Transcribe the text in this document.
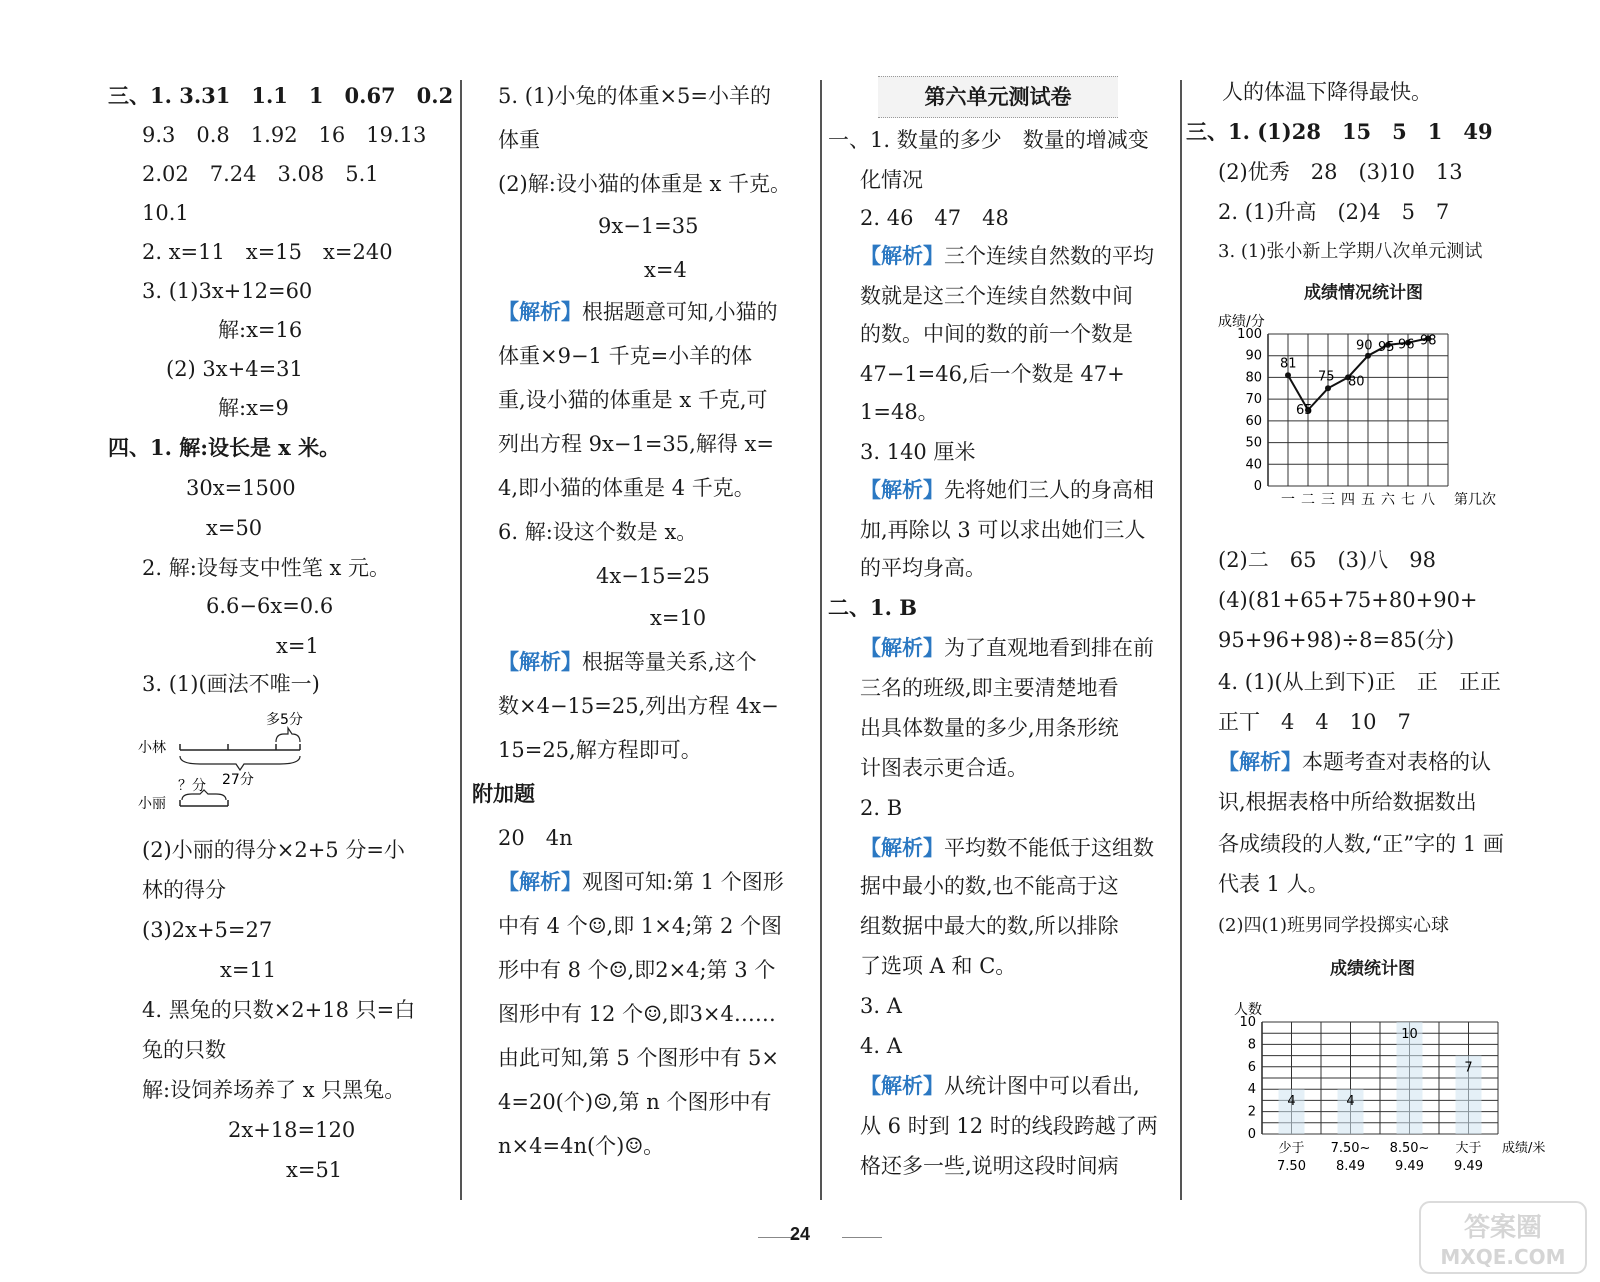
三、1. 3.31　1.1　1　0.67　0.2
9.3　0.8　1.92　16　19.13
2.02　7.24　3.08　5.1
10.1
2. x=11　x=15　x=240
3. (1)3x+12=60
解:x=16
(2) 3x+4=31
解:x=9
四、1. 解:设长是 x 米。
30x=1500
x=50
2. 解:设每支中性笔 x 元。
6.6−6x=0.6
x=1
3. (1)(画法不唯一)
小林
多5分
27分
？分
小丽
(2)小丽的得分×2+5 分=小
林的得分
(3)2x+5=27
x=11
4. 黑兔的只数×2+18 只=白
兔的只数
解:设饲养场养了 x 只黑兔。
2x+18=120
x=51
5. (1)小兔的体重×5=小羊的
体重
(2)解:设小猫的体重是 x 千克。
9x−1=35
x=4
【解析】根据题意可知,小猫的
体重×9−1 千克=小羊的体
重,设小猫的体重是 x 千克,可
列出方程 9x−1=35,解得 x=
4,即小猫的体重是 4 千克。
6. 解:设这个数是 x。
4x−15=25
x=10
【解析】根据等量关系,这个
数×4−15=25,列出方程 4x−
15=25,解方程即可。
附加题
20　4n
【解析】观图可知:第 1 个图形
中有 4 个☺,即 1×4;第 2 个图
形中有 8 个☺,即2×4;第 3 个
图形中有 12 个☺,即3×4……
由此可知,第 5 个图形中有 5×
4=20(个)☺,第 n 个图形中有
n×4=4n(个)☺。
第六单元测试卷
一、1. 数量的多少　数量的增减变
化情况
2. 46　47　48
【解析】三个连续自然数的平均
数就是这三个连续自然数中间
的数。中间的数的前一个数是
47−1=46,后一个数是 47+
1=48。
3. 140 厘米
【解析】先将她们三人的身高相
加,再除以 3 可以求出她们三人
的平均身高。
二、1. B
【解析】为了直观地看到排在前
三名的班级,即主要清楚地看
出具体数量的多少,用条形统
计图表示更合适。
2. B
【解析】平均数不能低于这组数
据中最小的数,也不能高于这
组数据中最大的数,所以排除
了选项 A 和 C。
3. A
4. A
【解析】从统计图中可以看出,
从 6 时到 12 时的线段跨越了两
格还多一些,说明这段时间病
人的体温下降得最快。
三、1. (1)28　15　5　1　49
(2)优秀　28　(3)10　13
2. (1)升高　(2)4　5　7
3. (1)张小新上学期八次单元测试
成绩情况统计图
0
40
50
60
70
80
90
100
成绩/分
81
65
75 80
90 95 96 98
一 二 三 四 五 六 七 八 第几次
(2)二　65　(3)八　98
(4)(81+65+75+80+90+
95+96+98)÷8=85(分)
4. (1)(从上到下)正　正　正正
正丅　4　4　10　7
【解析】本题考查对表格的认
识,根据表格中所给数据数出
各成绩段的人数,“正”字的 1 画
代表 1 人。
(2)四(1)班男同学投掷实心球
成绩统计图
0
2
4
6
8
10
人数
4	4
10
7
少于
7.50
7.50~
8.49
8.50~
9.49
大于
9.49
成绩/米
24	答案圈
MXQE.COM
